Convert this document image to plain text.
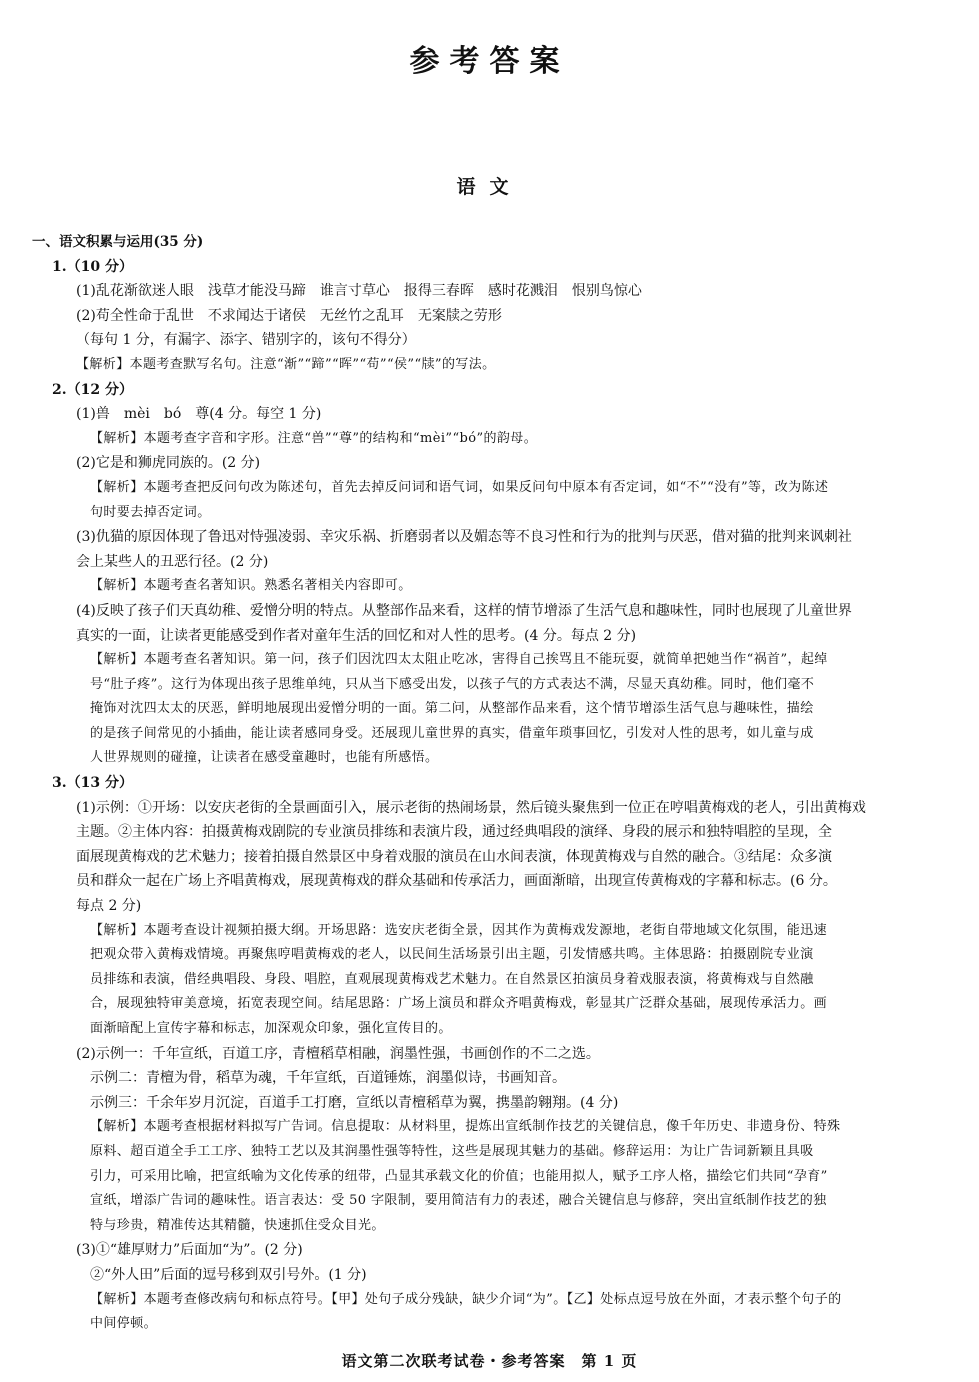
参考答案
语文
一、语文积累与运用(35 分)
1.（10 分）
(1)乱花渐欲迷人眼　浅草才能没马蹄　谁言寸草心　报得三春晖　感时花溅泪　恨别鸟惊心
(2)苟全性命于乱世　不求闻达于诸侯　无丝竹之乱耳　无案牍之劳形
（每句 1 分，有漏字、添字、错别字的，该句不得分）
【解析】本题考查默写名句。注意“渐”“蹄”“晖”“苟”“侯”“牍”的写法。
2.（12 分）
(1)兽　mèi　bó　尊(4 分。每空 1 分)
【解析】本题考查字音和字形。注意“兽”“尊”的结构和“mèi”“bó”的韵母。
(2)它是和狮虎同族的。(2 分)
【解析】本题考查把反问句改为陈述句，首先去掉反问词和语气词，如果反问句中原本有否定词，如“不”“没有”等，改为陈述
句时要去掉否定词。
(3)仇猫的原因体现了鲁迅对恃强凌弱、幸灾乐祸、折磨弱者以及媚态等不良习性和行为的批判与厌恶，借对猫的批判来讽刺社
会上某些人的丑恶行径。(2 分)
【解析】本题考查名著知识。熟悉名著相关内容即可。
(4)反映了孩子们天真幼稚、爱憎分明的特点。从整部作品来看，这样的情节增添了生活气息和趣味性，同时也展现了儿童世界
真实的一面，让读者更能感受到作者对童年生活的回忆和对人性的思考。(4 分。每点 2 分)
【解析】本题考查名著知识。第一问，孩子们因沈四太太阻止吃冰，害得自己挨骂且不能玩耍，就简单把她当作“祸首”，起绰
号“肚子疼”。这行为体现出孩子思维单纯，只从当下感受出发，以孩子气的方式表达不满，尽显天真幼稚。同时，他们毫不
掩饰对沈四太太的厌恶，鲜明地展现出爱憎分明的一面。第二问，从整部作品来看，这个情节增添生活气息与趣味性，描绘
的是孩子间常见的小插曲，能让读者感同身受。还展现儿童世界的真实，借童年琐事回忆，引发对人性的思考，如儿童与成
人世界规则的碰撞，让读者在感受童趣时，也能有所感悟。
3.（13 分）
(1)示例：①开场：以安庆老街的全景画面引入，展示老街的热闹场景，然后镜头聚焦到一位正在哼唱黄梅戏的老人，引出黄梅戏
主题。②主体内容：拍摄黄梅戏剧院的专业演员排练和表演片段，通过经典唱段的演绎、身段的展示和独特唱腔的呈现，全
面展现黄梅戏的艺术魅力；接着拍摄自然景区中身着戏服的演员在山水间表演，体现黄梅戏与自然的融合。③结尾：众多演
员和群众一起在广场上齐唱黄梅戏，展现黄梅戏的群众基础和传承活力，画面渐暗，出现宣传黄梅戏的字幕和标志。(6 分。
每点 2 分)
【解析】本题考查设计视频拍摄大纲。开场思路：选安庆老街全景，因其作为黄梅戏发源地，老街自带地域文化氛围，能迅速
把观众带入黄梅戏情境。再聚焦哼唱黄梅戏的老人，以民间生活场景引出主题，引发情感共鸣。主体思路：拍摄剧院专业演
员排练和表演，借经典唱段、身段、唱腔，直观展现黄梅戏艺术魅力。在自然景区拍演员身着戏服表演，将黄梅戏与自然融
合，展现独特审美意境，拓宽表现空间。结尾思路：广场上演员和群众齐唱黄梅戏，彰显其广泛群众基础，展现传承活力。画
面渐暗配上宣传字幕和标志，加深观众印象，强化宣传目的。
(2)示例一：千年宣纸，百道工序，青檀稻草相融，润墨性强，书画创作的不二之选。
示例二：青檀为骨，稻草为魂，千年宣纸，百道锤炼，润墨似诗，书画知音。
示例三：千余年岁月沉淀，百道手工打磨，宣纸以青檀稻草为翼，携墨韵翱翔。(4 分)
【解析】本题考查根据材料拟写广告词。信息提取：从材料里，提炼出宣纸制作技艺的关键信息，像千年历史、非遗身份、特殊
原料、超百道全手工工序、独特工艺以及其润墨性强等特性，这些是展现其魅力的基础。修辞运用：为让广告词新颖且具吸
引力，可采用比喻，把宣纸喻为文化传承的纽带，凸显其承载文化的价值；也能用拟人，赋予工序人格，描绘它们共同“孕育”
宣纸，增添广告词的趣味性。语言表达：受 50 字限制，要用简洁有力的表述，融合关键信息与修辞，突出宣纸制作技艺的独
特与珍贵，精准传达其精髓，快速抓住受众目光。
(3)①“雄厚财力”后面加“为”。(2 分)
②“外人田”后面的逗号移到双引号外。(1 分)
【解析】本题考查修改病句和标点符号。【甲】处句子成分残缺，缺少介词“为”。【乙】处标点逗号放在外面，才表示整个句子的
中间停顿。
语文第二次联考试卷・参考答案　第 1 页
